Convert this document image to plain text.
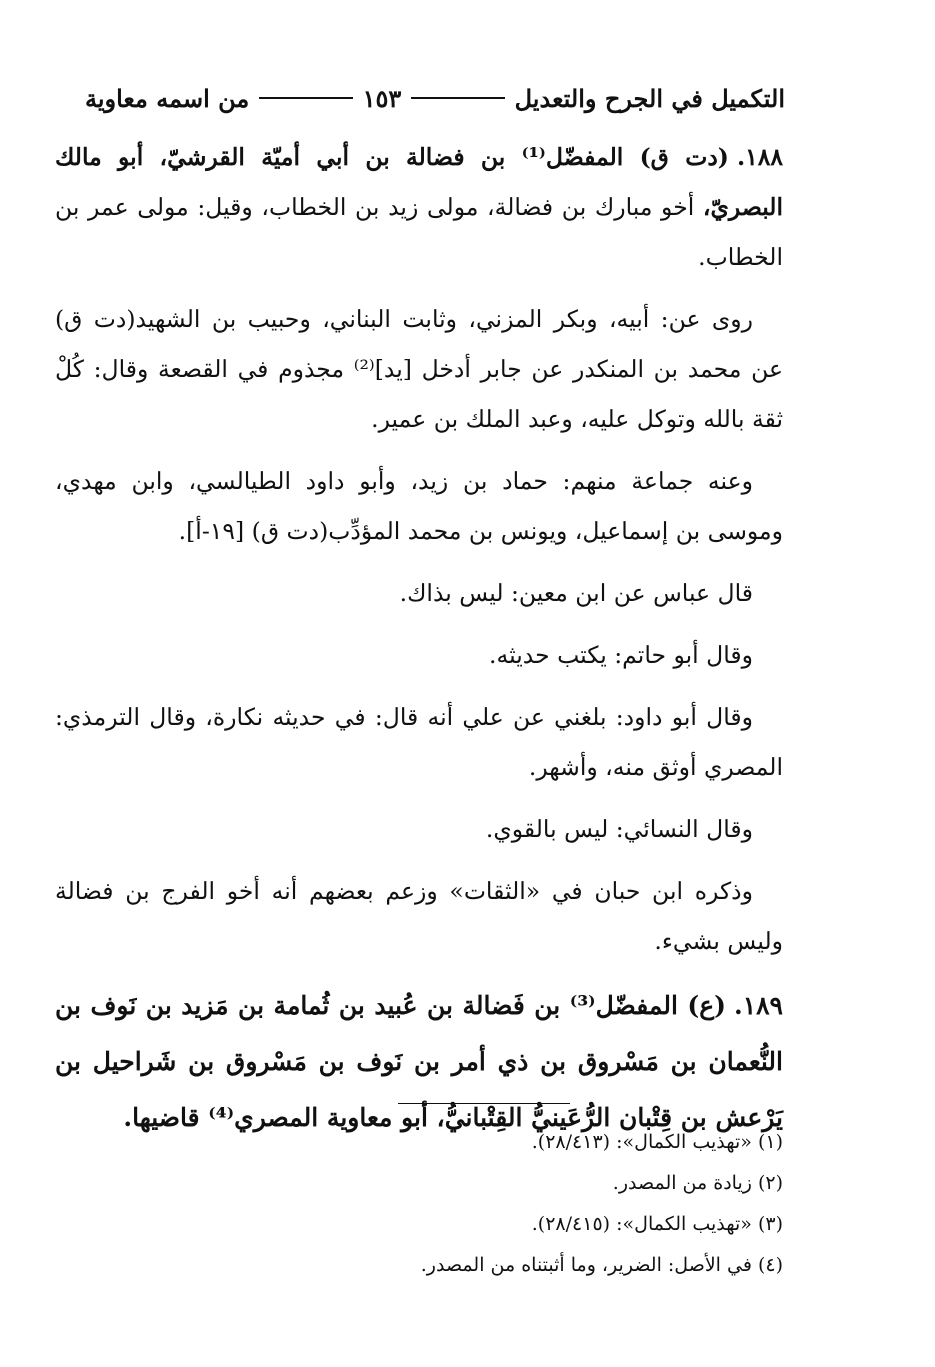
التكميل في الجرح والتعديل
١٥٣
من اسمه معاوية

١٨٨.(دت ق) المفضّل⁽¹⁾ بن فضالة بن أبي أميّة القرشيّ، أبو مالك البصريّ، أخو مبارك بن فضالة، مولى زيد بن الخطاب، وقيل: مولى عمر بن الخطاب.

روى عن: أبيه، وبكر المزني، وثابت البناني، وحبيب بن الشهيد(دت ق) عن محمد بن المنكدر عن جابر أدخل [يد]⁽²⁾ مجذوم في القصعة وقال: كُلْ ثقة بالله وتوكل عليه، وعبد الملك بن عمير.

وعنه جماعة منهم: حماد بن زيد، وأبو داود الطيالسي، وابن مهدي، وموسى بن إسماعيل، ويونس بن محمد المؤدِّب(دت ق) [١٩-أ].

قال عباس عن ابن معين: ليس بذاك.

وقال أبو حاتم: يكتب حديثه.

وقال أبو داود: بلغني عن علي أنه قال: في حديثه نكارة، وقال الترمذي: المصري أوثق منه، وأشهر.

وقال النسائي: ليس بالقوي.

وذكره ابن حبان في «الثقات» وزعم بعضهم أنه أخو الفرج بن فضالة وليس بشيء.

١٨٩.(ع) المفضّل⁽³⁾ بن فَضالة بن عُبيد بن ثُمامة بن مَزيد بن نَوف بن النُّعمان بن مَسْروق بن ذي أمر بن نَوف بن مَسْروق بن شَراحيل بن يَرْعش بن قِتْبان الرُّعَينيُّ القِتْبانيُّ، أبو معاوية المصري⁽⁴⁾ قاضيها.

(١) «تهذيب الكمال»: (٢٨/٤١٣).
(٢) زيادة من المصدر.
(٣) «تهذيب الكمال»: (٢٨/٤١٥).
(٤) في الأصل: الضرير، وما أثبتناه من المصدر.
